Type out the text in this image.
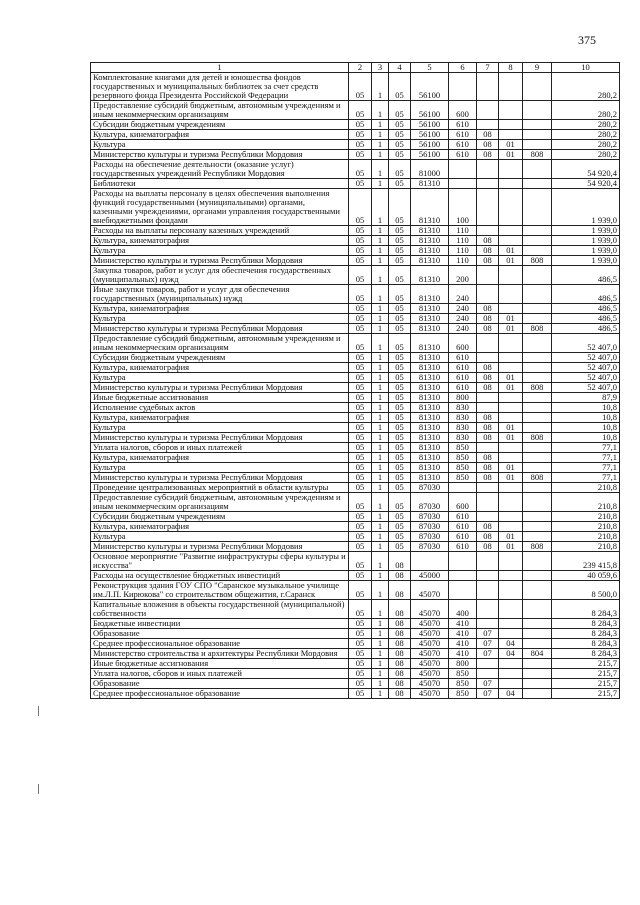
375
1	2	3	4	5	6	7	8	9	10
Комплектование книгами для детей и юношества фондов государственных и муниципальных библиотек за счет средств резервного фонда Президента Российской Федерации	05	1	05	56100					280,2
Предоставление субсидий бюджетным, автономным учреждениям и иным некоммерческим организациям	05	1	05	56100	600				280,2
Субсидии бюджетным учреждениям	05	1	05	56100	610				280,2
Культура, кинематография	05	1	05	56100	610	08			280,2
Культура	05	1	05	56100	610	08	01		280,2
Министерство культуры и туризма Республики Мордовия	05	1	05	56100	610	08	01	808	280,2
Расходы на обеспечение деятельности (оказание услуг) государственных учреждений Республики Мордовия	05	1	05	81000					54 920,4
Библиотеки	05	1	05	81310					54 920,4
Расходы на выплаты персоналу в целях обеспечения выполнения функций государственными (муниципальными) органами, казенными учреждениями, органами управления государственными внебюджетными фондами	05	1	05	81310	100				1 939,0
Расходы на выплаты персоналу казенных учреждений	05	1	05	81310	110				1 939,0
Культура, кинематография	05	1	05	81310	110	08			1 939,0
Культура	05	1	05	81310	110	08	01		1 939,0
Министерство культуры и туризма Республики Мордовия	05	1	05	81310	110	08	01	808	1 939,0
Закупка товаров, работ и услуг для обеспечения государственных (муниципальных) нужд	05	1	05	81310	200				486,5
Иные закупки товаров, работ и услуг для обеспечения государственных (муниципальных) нужд	05	1	05	81310	240				486,5
Культура, кинематография	05	1	05	81310	240	08			486,5
Культура	05	1	05	81310	240	08	01		486,5
Министерство культуры и туризма Республики Мордовия	05	1	05	81310	240	08	01	808	486,5
Предоставление субсидий бюджетным, автономным учреждениям и иным некоммерческим организациям	05	1	05	81310	600				52 407,0
Субсидии бюджетным учреждениям	05	1	05	81310	610				52 407,0
Культура, кинематография	05	1	05	81310	610	08			52 407,0
Культура	05	1	05	81310	610	08	01		52 407,0
Министерство культуры и туризма Республики Мордовия	05	1	05	81310	610	08	01	808	52 407,0
Иные бюджетные ассигнования	05	1	05	81310	800				87,9
Исполнение судебных актов	05	1	05	81310	830				10,8
Культура, кинематография	05	1	05	81310	830	08			10,8
Культура	05	1	05	81310	830	08	01		10,8
Министерство культуры и туризма Республики Мордовия	05	1	05	81310	830	08	01	808	10,8
Уплата налогов, сборов и иных платежей	05	1	05	81310	850				77,1
Культура, кинематография	05	1	05	81310	850	08			77,1
Культура	05	1	05	81310	850	08	01		77,1
Министерство культуры и туризма Республики Мордовия	05	1	05	81310	850	08	01	808	77,1
Проведение централизованных мероприятий в области культуры	05	1	05	87030					210,8
Предоставление субсидий бюджетным, автономным учреждениям и иным некоммерческим организациям	05	1	05	87030	600				210,8
Субсидии бюджетным учреждениям	05	1	05	87030	610				210,8
Культура, кинематография	05	1	05	87030	610	08			210,8
Культура	05	1	05	87030	610	08	01		210,8
Министерство культуры и туризма Республики Мордовия	05	1	05	87030	610	08	01	808	210,8
Основное мероприятие "Развитие инфраструктуры сферы культуры и искусства"	05	1	08						239 415,8
Расходы на осуществление бюджетных инвестиций	05	1	08	45000					40 059,6
Реконструкция здания ГОУ СПО "Саранское музыкальное училище им.Л.П. Кирюкова" со строительством общежития, г.Саранск	05	1	08	45070					8 500,0
Капитальные вложения в объекты государственной (муниципальной) собственности	05	1	08	45070	400				8 284,3
Бюджетные инвестиции	05	1	08	45070	410				8 284,3
Образование	05	1	08	45070	410	07			8 284,3
Среднее профессиональное образование	05	1	08	45070	410	07	04		8 284,3
Министерство строительства и архитектуры Республики Мордовия	05	1	08	45070	410	07	04	804	8 284,3
Иные бюджетные ассигнования	05	1	08	45070	800				215,7
Уплата налогов, сборов и иных платежей	05	1	08	45070	850				215,7
Образование	05	1	08	45070	850	07			215,7
Среднее профессиональное образование	05	1	08	45070	850	07	04		215,7
